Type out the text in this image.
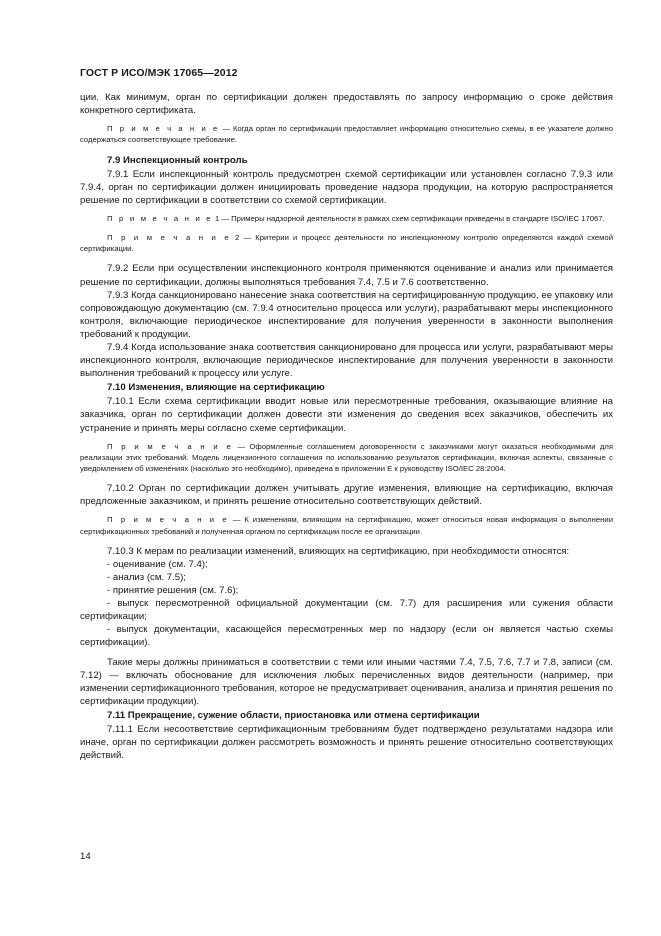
ГОСТ Р ИСО/МЭК 17065—2012

ции. Как минимум, орган по сертификации должен предоставлять по запросу информацию о сроке действия конкретного сертификата.

П р и м е ч а н и е — Когда орган по сертификации предоставляет информацию относительно схемы, в ее указателе должно содержаться соответствующее требование.

7.9 Инспекционный контроль

7.9.1 Если инспекционный контроль предусмотрен схемой сертификации или установлен согласно 7.9.3 или 7.9.4, орган по сертификации должен инициировать проведение надзора продукции, на которую распространяется решение по сертификации в соответствии со схемой сертификации.

П р и м е ч а н и е 1 — Примеры надзорной деятельности в рамках схем сертификации приведены в стандарте ISO/IEC 17067.

П р и м е ч а н и е 2 — Критерии и процесс деятельности по инспекционному контролю определяются каждой схемой сертификации.

7.9.2 Если при осуществлении инспекционного контроля применяются оценивание и анализ или принимается решение по сертификации, должны выполняться требования 7.4, 7.5 и 7.6 соответственно.

7.9.3 Когда санкционировано нанесение знака соответствия на сертифицированную продукцию, ее упаковку или сопровождающую документацию (см. 7.9.4 относительно процесса или услуги), разрабатывают меры инспекционного контроля, включающие периодическое инспектирование для получения уверенности в законности выполнения требований к продукции.

7.9.4 Когда использование знака соответствия санкционировано для процесса или услуги, разрабатывают меры инспекционного контроля, включающие периодическое инспектирование для получения уверенности в законности выполнения требований к процессу или услуге.

7.10 Изменения, влияющие на сертификацию

7.10.1 Если схема сертификации вводит новые или пересмотренные требования, оказывающие влияние на заказчика, орган по сертификации должен довести эти изменения до сведения всех заказчиков, обеспечить их устранение и принять меры согласно схеме сертификации.

П р и м е ч а н и е — Оформленные соглашением договоренности с заказчиками могут оказаться необходимыми для реализации этих требований. Модель лицензионного соглашения по использованию результатов сертификации, включая аспекты, связанные с уведомлением об изменениях (насколько это необходимо), приведена в приложении Е к руководству ISO/IEC 28:2004.

7.10.2 Орган по сертификации должен учитывать другие изменения, влияющие на сертификацию, включая предложенные заказчиком, и принять решение относительно соответствующих действий.

П р и м е ч а н и е — К изменениям, влияющим на сертификацию, может относиться новая информация о выполнении сертификационных требований и полученная органом по сертификации после ее организации.

7.10.3 К мерам по реализации изменений, влияющих на сертификацию, при необходимости относятся:

- оценивание (см. 7.4);

- анализ (см. 7.5);

- принятие решения (см. 7.6);

- выпуск пересмотренной официальной документации (см. 7.7) для расширения или сужения области сертификации;

- выпуск документации, касающейся пересмотренных мер по надзору (если он является частью схемы сертификации).

Такие меры должны приниматься в соответствии с теми или иными частями 7.4, 7.5, 7.6, 7.7 и 7.8, записи (см. 7.12) — включать обоснование для исключения любых перечисленных видов деятельности (например, при изменении сертификационного требования, которое не предусматривает оценивания, анализа и принятия решения по сертификации продукции).

7.11 Прекращение, сужение области, приостановка или отмена сертификации

7.11.1 Если несоответствие сертификационным требованиям будет подтверждено результатами надзора или иначе, орган по сертификации должен рассмотреть возможность и принять решение относительно соответствующих действий.

14
